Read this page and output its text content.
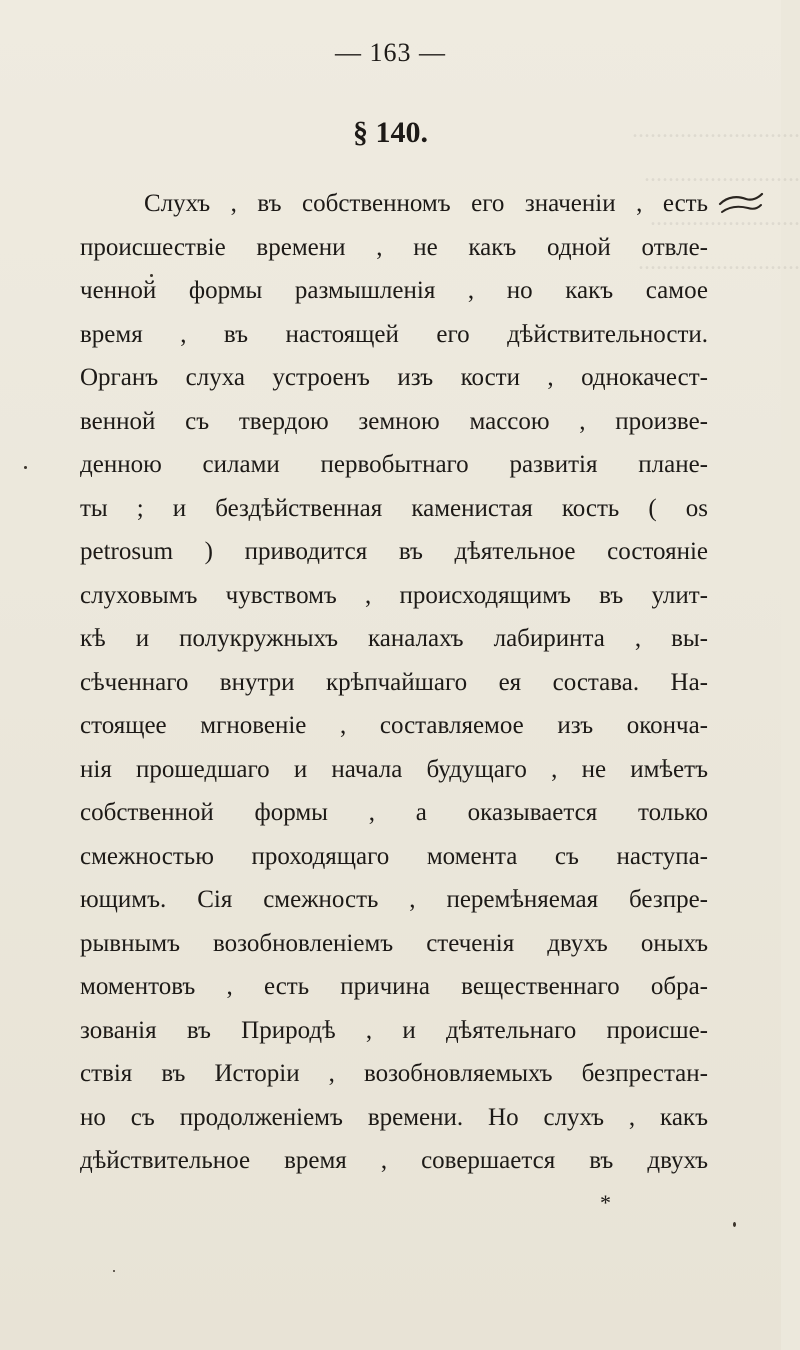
............................
..........................
.........................
...........................
— 163 —
§ 140.
Слухъ , въ собственномъ его значенiи , есть
происшествiе времени , не какъ одной отвле-
ченной формы размышленiя , но какъ самое
время , въ настоящей его дѣйствительности.
Органъ слуха устроенъ изъ кости , однокачест-
венной съ твердою земною массою , произве-
денною силами первобытнаго развитiя плане-
ты ; и бездѣйственная каменистая кость ( os
petrosum ) приводится въ дѣятельное состоянiе
слуховымъ чувствомъ , происходящимъ въ улит-
кѣ и полукружныхъ каналахъ лабиринта , вы-
сѣченнаго внутри крѣпчайшаго ея состава. На-
стоящее мгновенiе , составляемое изъ оконча-
нiя прошедшаго и начала будущаго , не имѣетъ
собственной формы , а оказывается только
смежностью проходящаго момента съ наступа-
ющимъ. Сiя смежность , перемѣняемая безпре-
рывнымъ возобновленiемъ стеченiя двухъ оныхъ
моментовъ , есть причина вещественнаго обра-
зованiя въ Природѣ , и дѣятельнаго происше-
ствiя въ Исторiи , возобновляемыхъ безпрестан-
но съ продолженiемъ времени. Но слухъ , какъ
дѣйствительное время , совершается въ двухъ
*
